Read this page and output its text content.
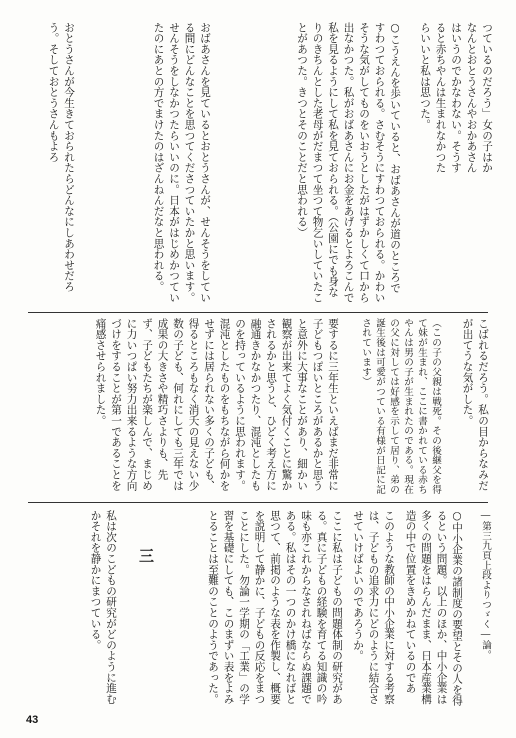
つているのだろう」女の子はかなんとおとうさんやおかあさんはいうのでかなわない。そうすると赤ちやんは生まれなかつたらいいと私は思つた。
○こうえんを歩いていると、おばあさんが道のところですわつておられる。さむそうにすわつておられる。かわいそうな気がしてものをいおうとしたがはずかしくて口から出なかつた。私がおばあさんにお金をあげるとよろこんで私を見るようにして私を見ておられる。（公園にでも身なりのきちんとした老母がだまつて坐つて物乞いしていたことがあつた。きつとそのことだと思われる）
おばあさんを見ているとおとうさんが、せんそうをしている間にどんなことを思つてくださつていたかと思います。せんそうをしなかつたらいいのに。日本がはじめかつていたのにあとの方でまけたのはざんねんだなと思われる。
おとうさんが今生きておられたらどんなにしあわせだろう。そしておとうさんもよろ
こばれるだろう。私の目からなみだが出てうな気がした。
（この子の父親は戦死。その後継父を得て妹が生まれ、ここに書かれている赤ちやんは男の子が生まれたのである。現在の父に対しては好感を示して居り、弟の誕生後は可愛がつている有様が日記に記されています）
要するに三年生といえばまだ非常に子どもつぽいところがあるかと思うと意外に大事なことがあり、細かい観察が出来てよく気付くことに驚かされるかと思うと、ひどく考え方に融通きかなかつたり、混沌としたものを持っているように思われます。混沌としたものをもちながら何かをせずには居られない多くの子ども、得るところもなく消夭の見えない少数の子ども、何れにしても三年では成果の大きさや精巧さよりも、先ず、子どもたちが楽しんで、まじめに力いつぱい努力出来るような方向づけをすることが第一であることを痛感させられました。
―第三九頁上段よりつゞく―論。
○中小企業の諸制度の要望とその人を得るという問題。以上のほか、中小企業は多くの問題をはらんだまま、日本産業構造の中で位置をきめかねているのであ
このような教師の中小企業に対する考察は、子どもの追求力にどのように結合させていけばよいのであろうか。
ここに私は子どもの問題体制の研究がある。真に子どもの経験を育てる知識の吟味も亦これからなされねばならぬ課題である。私はその一つのかけ橋になればと思つて、前掲のような表を作製し、概要を説明して静かに、子どもの反応をまつことにした。勿論一学期の「工業」の学習を基礎にしても、このまずい表をよみとることは至難のことのようであった。
三
私は次のこどもの研究がどのように進むかそれを静かにまつている。
43
